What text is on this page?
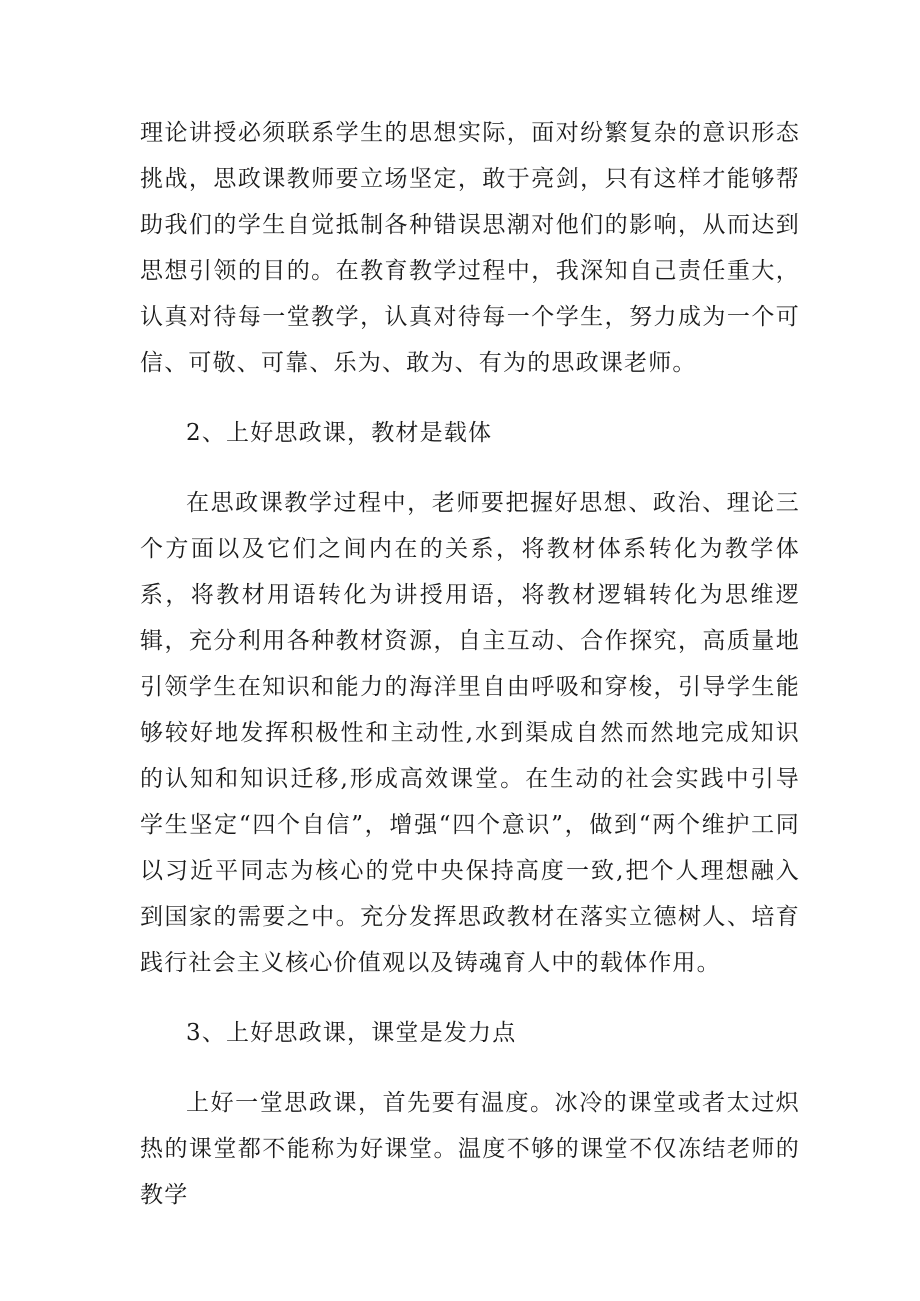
理论讲授必须联系学生的思想实际，面对纷繁复杂的意识形态挑战，思政课教师要立场坚定，敢于亮剑，只有这样才能够帮助我们的学生自觉抵制各种错误思潮对他们的影响，从而达到思想引领的目的。在教育教学过程中，我深知自己责任重大，认真对待每一堂教学，认真对待每一个学生，努力成为一个可信、可敬、可靠、乐为、敢为、有为的思政课老师。

2、上好思政课，教材是载体

在思政课教学过程中，老师要把握好思想、政治、理论三个方面以及它们之间内在的关系，将教材体系转化为教学体系，将教材用语转化为讲授用语，将教材逻辑转化为思维逻辑，充分利用各种教材资源，自主互动、合作探究，高质量地引领学生在知识和能力的海洋里自由呼吸和穿梭，引导学生能够较好地发挥积极性和主动性,水到渠成自然而然地完成知识的认知和知识迁移,形成高效课堂。在生动的社会实践中引导学生坚定“四个自信”，增强“四个意识”，做到“两个维护工同以习近平同志为核心的党中央保持高度一致,把个人理想融入到国家的需要之中。充分发挥思政教材在落实立德树人、培育践行社会主义核心价值观以及铸魂育人中的载体作用。

3、上好思政课，课堂是发力点

上好一堂思政课，首先要有温度。冰冷的课堂或者太过炽热的课堂都不能称为好课堂。温度不够的课堂不仅冻结老师的教学
